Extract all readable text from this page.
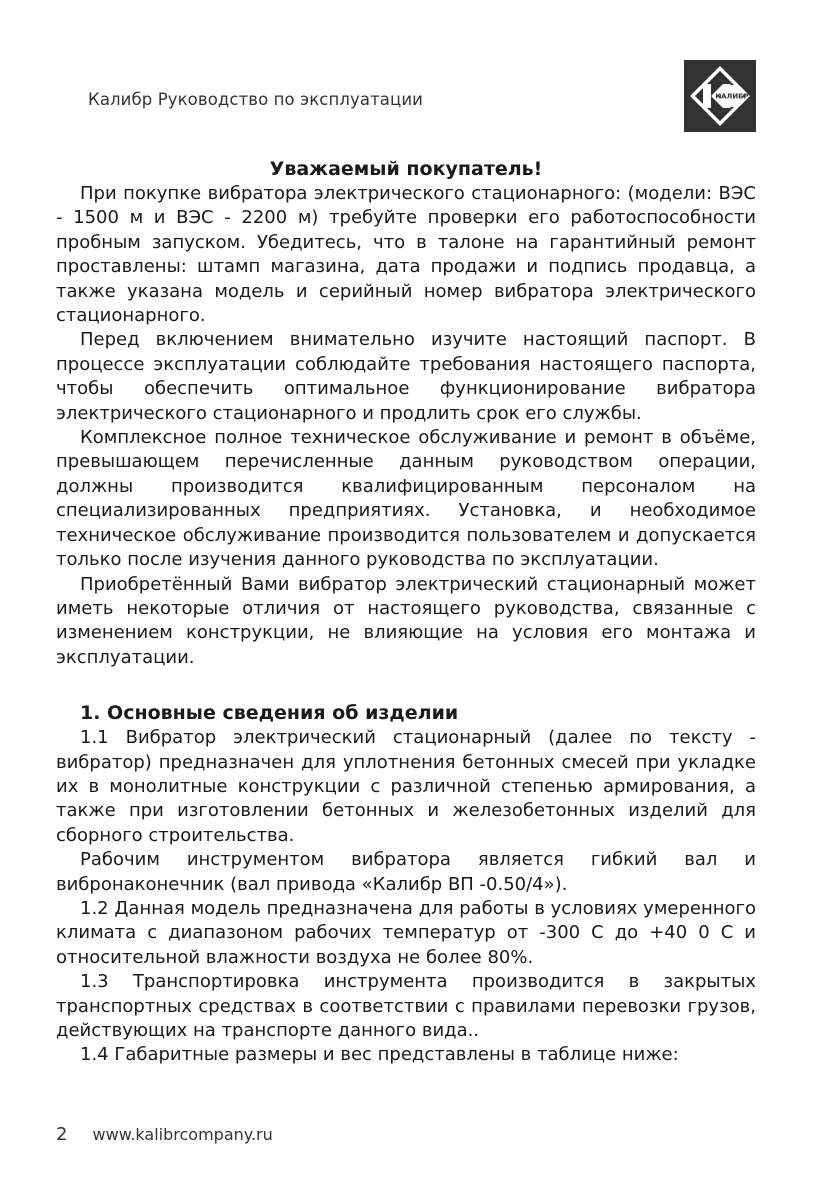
Калибр Руководство по эксплуатации	КАЛИБР
Уважаемый покупатель!

При покупке вибратора электрического стационарного: (модели: ВЭС - 1500 м и ВЭС - 2200 м) требуйте проверки его работоспособности пробным запуском. Убедитесь, что в талоне на гарантийный ремонт проставлены: штамп магазина, дата продажи и подпись продавца, а также указана модель и серийный номер вибратора электрического стационарного.

Перед включением внимательно изучите настоящий паспорт. В процессе эксплуатации соблюдайте требования настоящего паспорта, чтобы обеспечить оптимальное функционирование вибратора электрического стационарного и продлить срок его службы.

Комплексное полное техническое обслуживание и ремонт в объёме, превышающем перечисленные данным руководством операции, должны производится квалифицированным персоналом на специализированных предприятиях. Установка, и необходимое техническое обслуживание производится пользователем и допускается только после изучения данного руководства по эксплуатации.

Приобретённый Вами вибратор электрический стационарный может иметь некоторые отличия от настоящего руководства, связанные с изменением конструкции, не влияющие на условия его монтажа и эксплуатации.

1. Основные сведения об изделии

1.1 Вибратор электрический стационарный (далее по тексту - вибратор) предназначен для уплотнения бетонных смесей при укладке их в монолитные конструкции с различной степенью армирования, а также при изготовлении бетонных и железобетонных изделий для сборного строительства.

Рабочим инструментом вибратора является гибкий вал и вибронаконечник (вал привода «Калибр ВП -0.50/4»).

1.2 Данная модель предназначена для работы в условиях умеренного климата с диапазоном рабочих температур от -300 С до +40 0 С и относительной влажности воздуха не более 80%.

1.3 Транспортировка инструмента производится в закрытых транспортных средствах в соответствии с правилами перевозки грузов, действующих на транспорте данного вида..

1.4 Габаритные размеры и вес представлены в таблице ниже:

2 www.kalibrcompany.ru
